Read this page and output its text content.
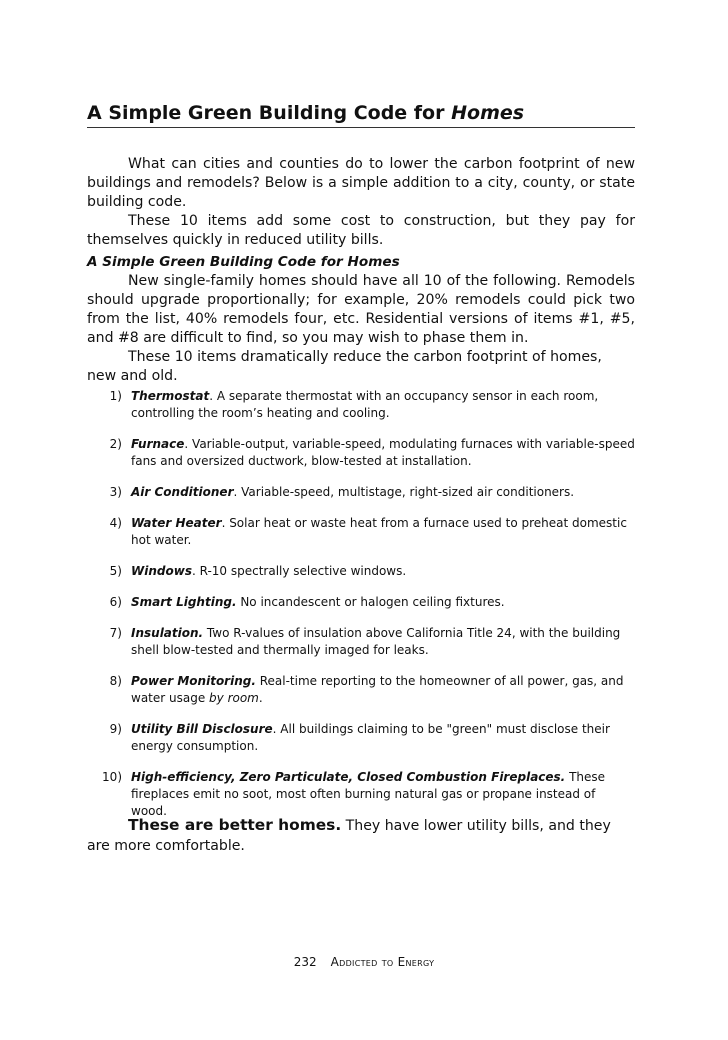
A Simple Green Building Code for Homes

What can cities and counties do to lower the carbon footprint of new buildings and remodels? Below is a simple addition to a city, county, or state building code.

These 10 items add some cost to construction, but they pay for themselves quickly in reduced utility bills.

A Simple Green Building Code for Homes

New single-family homes should have all 10 of the following. Remodels should upgrade proportionally; for example, 20% remodels could pick two from the list, 40% remodels four, etc. Residential versions of items #1, #5, and #8 are difficult to find, so you may wish to phase them in.

These 10 items dramatically reduce the carbon footprint of homes, new and old.

1) Thermostat. A separate thermostat with an occupancy sensor in each room, controlling the room’s heating and cooling.
2) Furnace. Variable-output, variable-speed, modulating furnaces with variable-speed fans and oversized ductwork, blow-tested at installation.
3) Air Conditioner. Variable-speed, multistage, right-sized air conditioners.
4) Water Heater. Solar heat or waste heat from a furnace used to preheat domestic hot water.
5) Windows. R-10 spectrally selective windows.
6) Smart Lighting. No incandescent or halogen ceiling fixtures.
7) Insulation. Two R-values of insulation above California Title 24, with the building shell blow-tested and thermally imaged for leaks.
8) Power Monitoring. Real-time reporting to the homeowner of all power, gas, and water usage by room.
9) Utility Bill Disclosure. All buildings claiming to be "green" must disclose their energy consumption.
10) High-efficiency, Zero Particulate, Closed Combustion Fireplaces. These fireplaces emit no soot, most often burning natural gas or propane instead of wood.

These are better homes. They have lower utility bills, and they are more comfortable.

232 Addicted to Energy
